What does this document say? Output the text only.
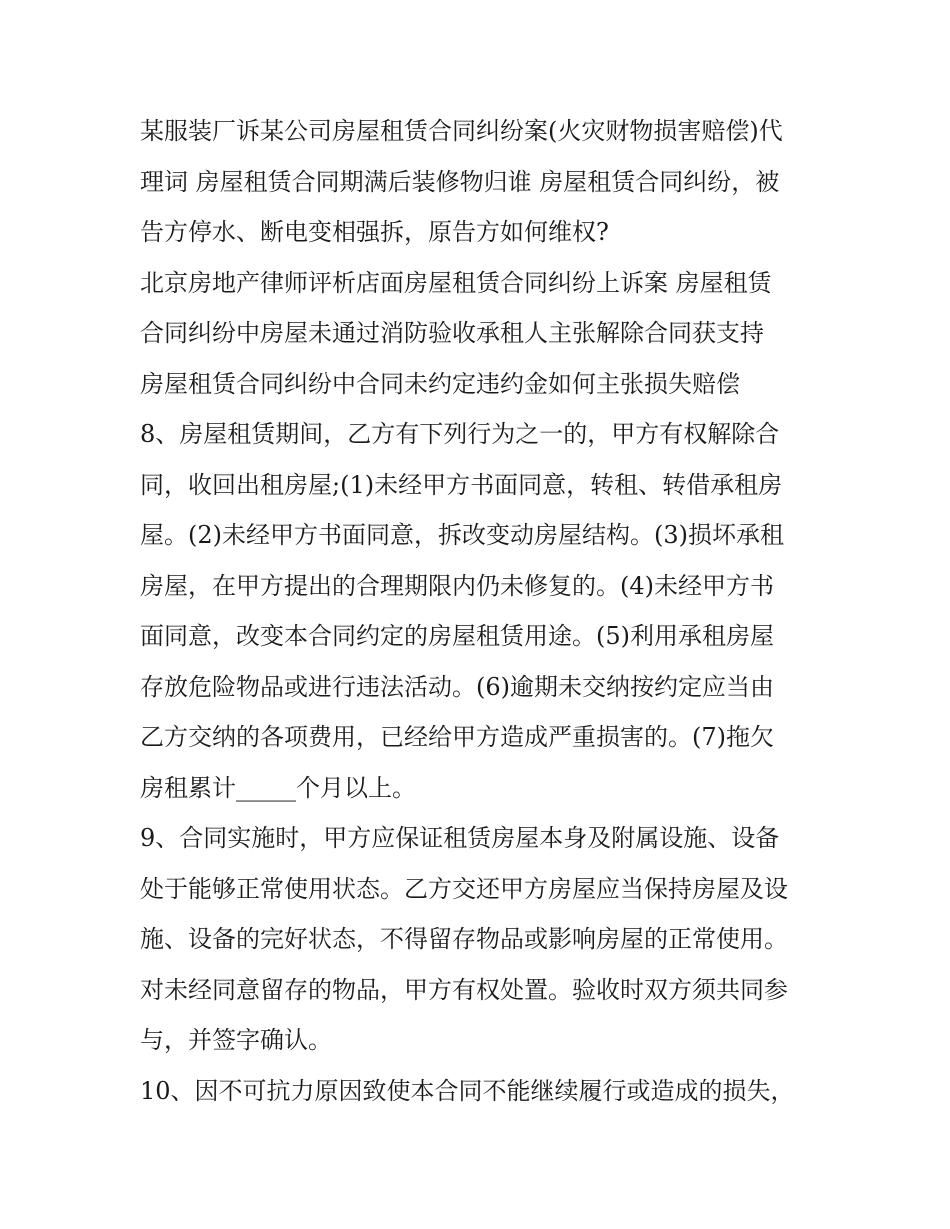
某服装厂诉某公司房屋租赁合同纠纷案(火灾财物损害赔偿)代
理词 房屋租赁合同期满后装修物归谁 房屋租赁合同纠纷，被
告方停水、断电变相强拆，原告方如何维权?
北京房地产律师评析店面房屋租赁合同纠纷上诉案 房屋租赁
合同纠纷中房屋未通过消防验收承租人主张解除合同获支持
房屋租赁合同纠纷中合同未约定违约金如何主张损失赔偿
8、房屋租赁期间，乙方有下列行为之一的，甲方有权解除合
同，收回出租房屋;(1)未经甲方书面同意，转租、转借承租房
屋。(2)未经甲方书面同意，拆改变动房屋结构。(3)损坏承租
房屋，在甲方提出的合理期限内仍未修复的。(4)未经甲方书
面同意，改变本合同约定的房屋租赁用途。(5)利用承租房屋
存放危险物品或进行违法活动。(6)逾期未交纳按约定应当由
乙方交纳的各项费用，已经给甲方造成严重损害的。(7)拖欠
房租累计_____个月以上。
9、合同实施时，甲方应保证租赁房屋本身及附属设施、设备
处于能够正常使用状态。乙方交还甲方房屋应当保持房屋及设
施、设备的完好状态，不得留存物品或影响房屋的正常使用。
对未经同意留存的物品，甲方有权处置。验收时双方须共同参
与，并签字确认。
10、因不可抗力原因致使本合同不能继续履行或造成的损失，
